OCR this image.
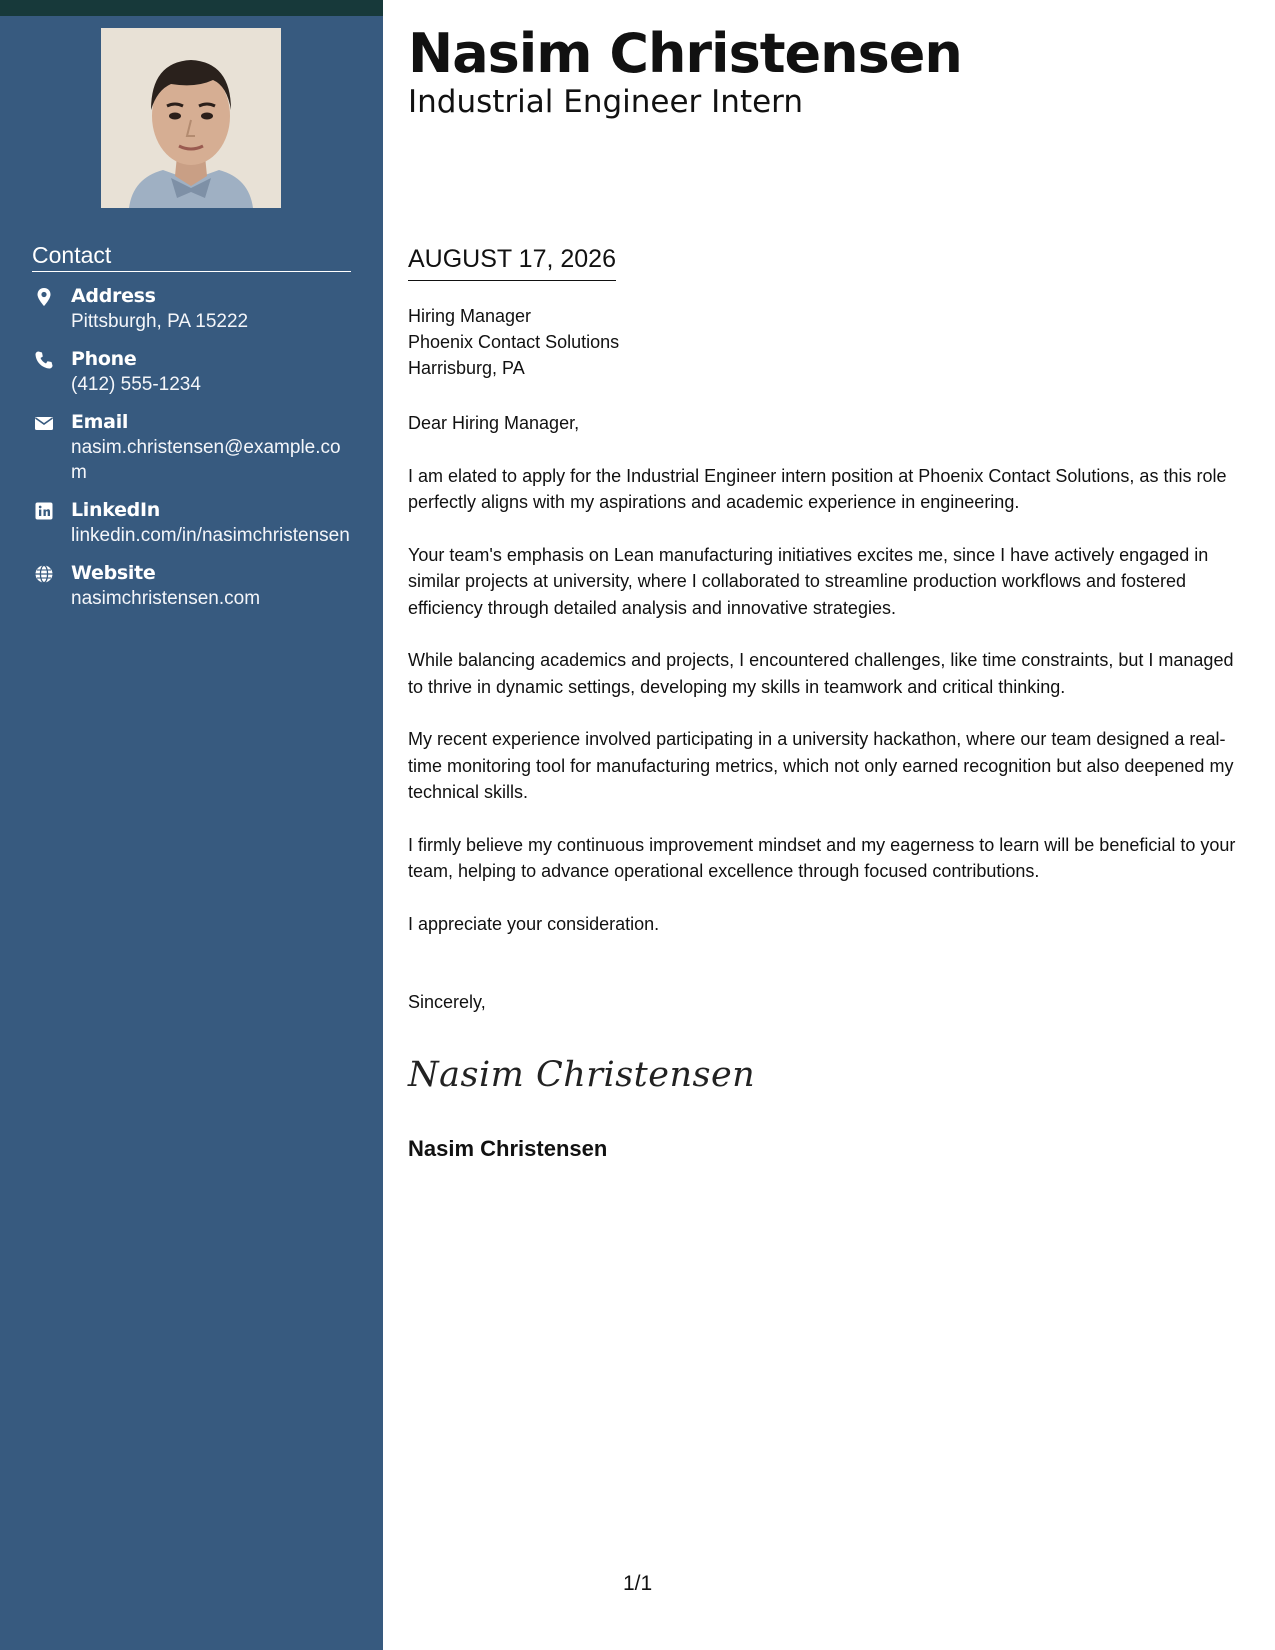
Contact
Address
Pittsburgh, PA 15222
Phone
(412) 555-1234
Email
nasim.christensen@example.com
LinkedIn
linkedin.com/in/nasimchristensen
Website
nasimchristensen.com
Nasim Christensen
Industrial Engineer Intern
AUGUST 17, 2026
Hiring Manager
Phoenix Contact Solutions
Harrisburg, PA

Dear Hiring Manager,

I am elated to apply for the Industrial Engineer intern position at Phoenix Contact Solutions, as this role perfectly aligns with my aspirations and academic experience in engineering.

Your team's emphasis on Lean manufacturing initiatives excites me, since I have actively engaged in similar projects at university, where I collaborated to streamline production workflows and fostered efficiency through detailed analysis and innovative strategies.

While balancing academics and projects, I encountered challenges, like time constraints, but I managed to thrive in dynamic settings, developing my skills in teamwork and critical thinking.

My recent experience involved participating in a university hackathon, where our team designed a real-time monitoring tool for manufacturing metrics, which not only earned recognition but also deepened my technical skills.

I firmly believe my continuous improvement mindset and my eagerness to learn will be beneficial to your team, helping to advance operational excellence through focused contributions.

I appreciate your consideration.

Sincerely,
Nasim Christensen
Nasim Christensen
1/1
